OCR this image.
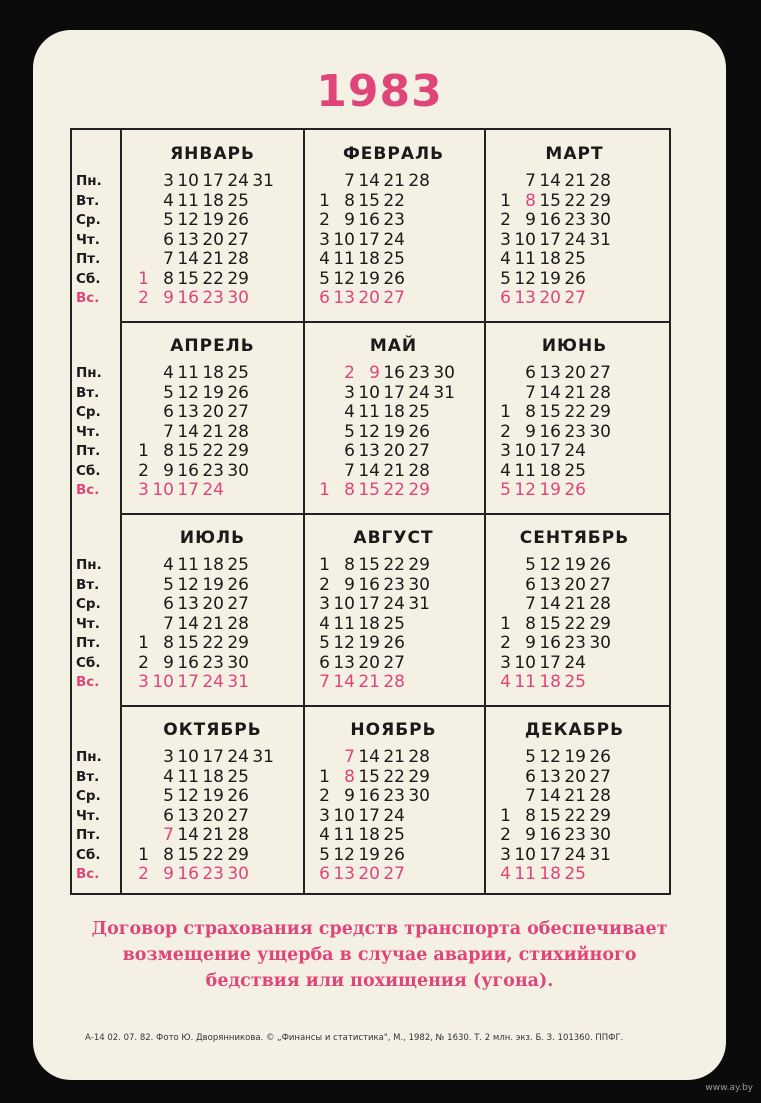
1983
Пн.
Вт.
Ср.
Чт.
Пт.
Сб.
Вс.
Пн.
Вт.
Ср.
Чт.
Пт.
Сб.
Вс.
Пн.
Вт.
Ср.
Чт.
Пт.
Сб.
Вс.
Пн.
Вт.
Ср.
Чт.
Пт.
Сб.
Вс.
ЯНВАРЬ
1
2
3
4
5
6
7
8
9
10
11
12
13
14
15
16
17
18
19
20
21
22
23
24
25
26
27
28
29
30
31
ФЕВРАЛЬ
1
2
3
4
5
6
7
8
9
10
11
12
13
14
15
16
17
18
19
20
21
22
23
24
25
26
27
28
МАРТ
1
2
3
4
5
6
7
8
9
10
11
12
13
14
15
16
17
18
19
20
21
22
23
24
25
26
27
28
29
30
31
АПРЕЛЬ
1
2
3
4
5
6
7
8
9
10
11
12
13
14
15
16
17
18
19
20
21
22
23
24
25
26
27
28
29
30
МАЙ
1
2
3
4
5
6
7
8
9
10
11
12
13
14
15
16
17
18
19
20
21
22
23
24
25
26
27
28
29
30
31
ИЮНЬ
1
2
3
4
5
6
7
8
9
10
11
12
13
14
15
16
17
18
19
20
21
22
23
24
25
26
27
28
29
30
ИЮЛЬ
1
2
3
4
5
6
7
8
9
10
11
12
13
14
15
16
17
18
19
20
21
22
23
24
25
26
27
28
29
30
31
АВГУСТ
1
2
3
4
5
6
7
8
9
10
11
12
13
14
15
16
17
18
19
20
21
22
23
24
25
26
27
28
29
30
31
СЕНТЯБРЬ
1
2
3
4
5
6
7
8
9
10
11
12
13
14
15
16
17
18
19
20
21
22
23
24
25
26
27
28
29
30
ОКТЯБРЬ
1
2
3
4
5
6
7
8
9
10
11
12
13
14
15
16
17
18
19
20
21
22
23
24
25
26
27
28
29
30
31
НОЯБРЬ
1
2
3
4
5
6
7
8
9
10
11
12
13
14
15
16
17
18
19
20
21
22
23
24
25
26
27
28
29
30
ДЕКАБРЬ
1
2
3
4
5
6
7
8
9
10
11
12
13
14
15
16
17
18
19
20
21
22
23
24
25
26
27
28
29
30
31
Договор страхования средств транспорта обеспечивает
возмещение ущерба в случае аварии, стихийного
бедствия или похищения (угона).
А-14 02. 07. 82. Фото Ю. Дворянникова. © „Финансы и статистика", М., 1982, № 1630. Т. 2 млн. экз. Б. З. 101360. ППФГ.
www.ay.by
